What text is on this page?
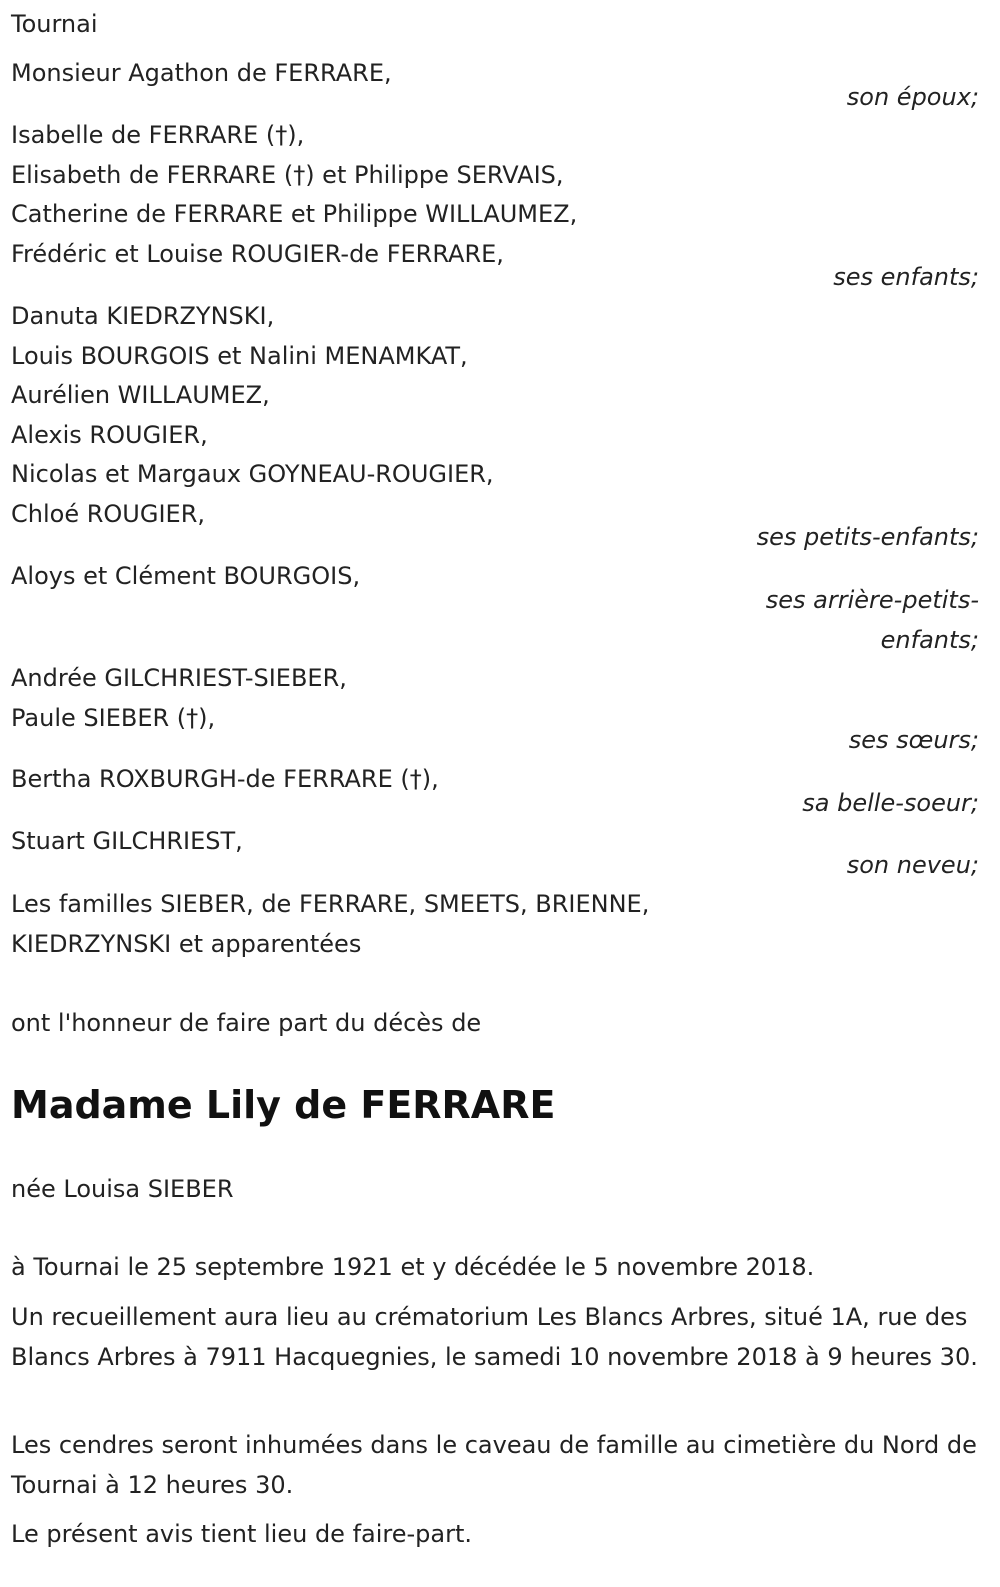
Tournai
Monsieur Agathon de FERRARE,
son époux;
Isabelle de FERRARE (†),
Elisabeth de FERRARE (†) et Philippe SERVAIS,
Catherine de FERRARE et Philippe WILLAUMEZ,
Frédéric et Louise ROUGIER-de FERRARE,
ses enfants;
Danuta KIEDRZYNSKI,
Louis BOURGOIS et Nalini MENAMKAT,
Aurélien WILLAUMEZ,
Alexis ROUGIER,
Nicolas et Margaux GOYNEAU-ROUGIER,
Chloé ROUGIER,
ses petits-enfants;
Aloys et Clément BOURGOIS,
ses arrière-petits-
enfants;
Andrée GILCHRIEST-SIEBER,
Paule SIEBER (†),
ses sœurs;
Bertha ROXBURGH-de FERRARE (†),
sa belle-soeur;
Stuart GILCHRIEST,
son neveu;
Les familles SIEBER, de FERRARE, SMEETS, BRIENNE,
KIEDRZYNSKI et apparentées
ont l'honneur de faire part du décès de
Madame Lily de FERRARE
née Louisa SIEBER
à Tournai le 25 septembre 1921 et y décédée le 5 novembre 2018.
Un recueillement aura lieu au crématorium Les Blancs Arbres, situé 1A, rue des Blancs Arbres à 7911 Hacquegnies, le samedi 10 novembre 2018 à 9 heures 30.
Les cendres seront inhumées dans le caveau de famille au cimetière du Nord de Tournai à 12 heures 30.
Le présent avis tient lieu de faire-part.
